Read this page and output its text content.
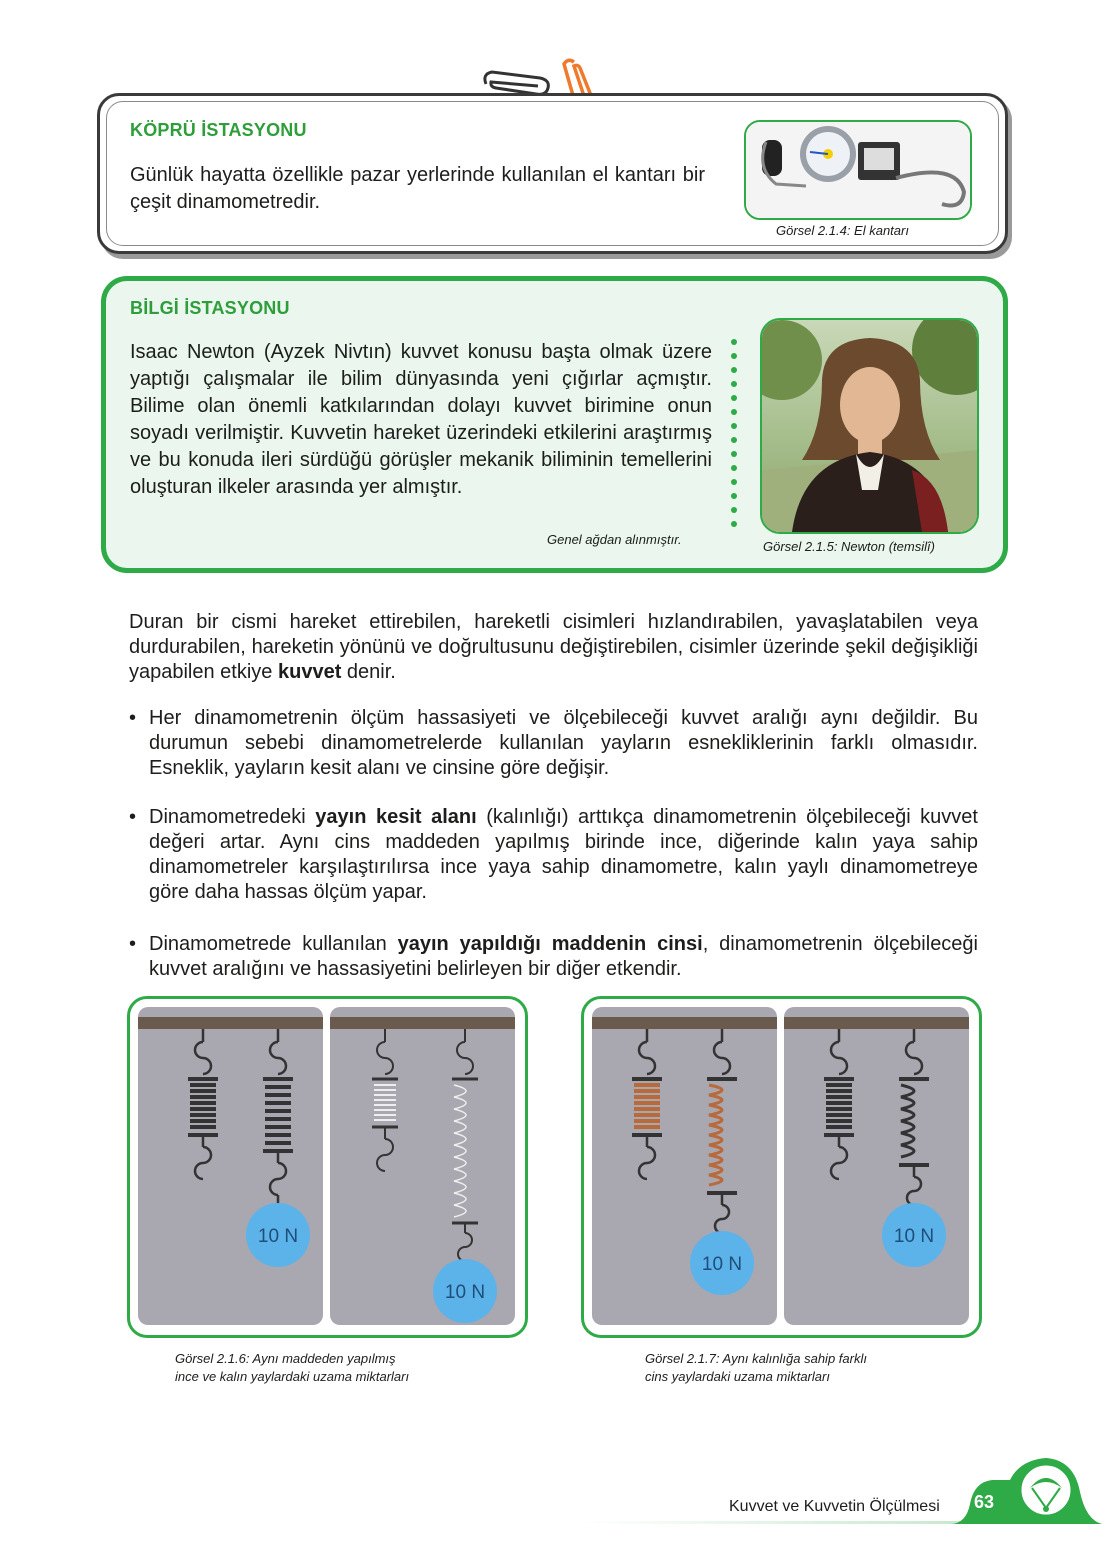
KÖPRÜ İSTASYONU
Günlük hayatta özellikle pazar yerlerinde kullanılan el kantarı bir çeşit dinamometredir.
Görsel 2.1.4: El kantarı
BİLGİ İSTASYONU
Isaac Newton (Ayzek Nivtın) kuvvet konusu başta olmak üzere yaptığı çalışmalar ile bilim dünyasında yeni çığırlar açmıştır. Bilime olan önemli katkılarından dolayı kuvvet birimine onun soyadı verilmiştir. Kuvvetin hareket üzerindeki etkilerini araştırmış ve bu konuda ileri sürdüğü görüşler mekanik biliminin temellerini oluşturan ilkeler arasında yer almıştır.
Genel ağdan alınmıştır.	Görsel 2.1.5: Newton (temsilî)
Duran bir cismi hareket ettirebilen, hareketli cisimleri hızlandırabilen, yavaşlatabilen veya durdurabilen, hareketin yönünü ve doğrultusunu değiştirebilen, cisimler üzerinde şekil değişikliği yapabilen etkiye kuvvet denir.
• Her dinamometrenin ölçüm hassasiyeti ve ölçebileceği kuvvet aralığı aynı değildir. Bu durumun sebebi dinamometrelerde kullanılan yayların esnekliklerinin farklı olmasıdır. Esneklik, yayların kesit alanı ve cinsine göre değişir.
• Dinamometredeki yayın kesit alanı (kalınlığı) arttıkça dinamometrenin ölçebileceği kuvvet değeri artar. Aynı cins maddeden yapılmış birinde ince, diğerinde kalın yaya sahip dinamometreler karşılaştırılırsa ince yaya sahip dinamometre, kalın yaylı dinamometreye göre daha hassas ölçüm yapar.
• Dinamometrede kullanılan yayın yapıldığı maddenin cinsi, dinamometrenin ölçebileceği kuvvet aralığını ve hassasiyetini belirleyen bir diğer etkendir.
10 N
10 N
10 N
10 N
Görsel 2.1.6: Aynı maddeden yapılmış
ince ve kalın yaylardaki uzama miktarları
Görsel 2.1.7: Aynı kalınlığa sahip farklı
cins yaylardaki uzama miktarları
Kuvvet ve Kuvvetin Ölçülmesi 63
